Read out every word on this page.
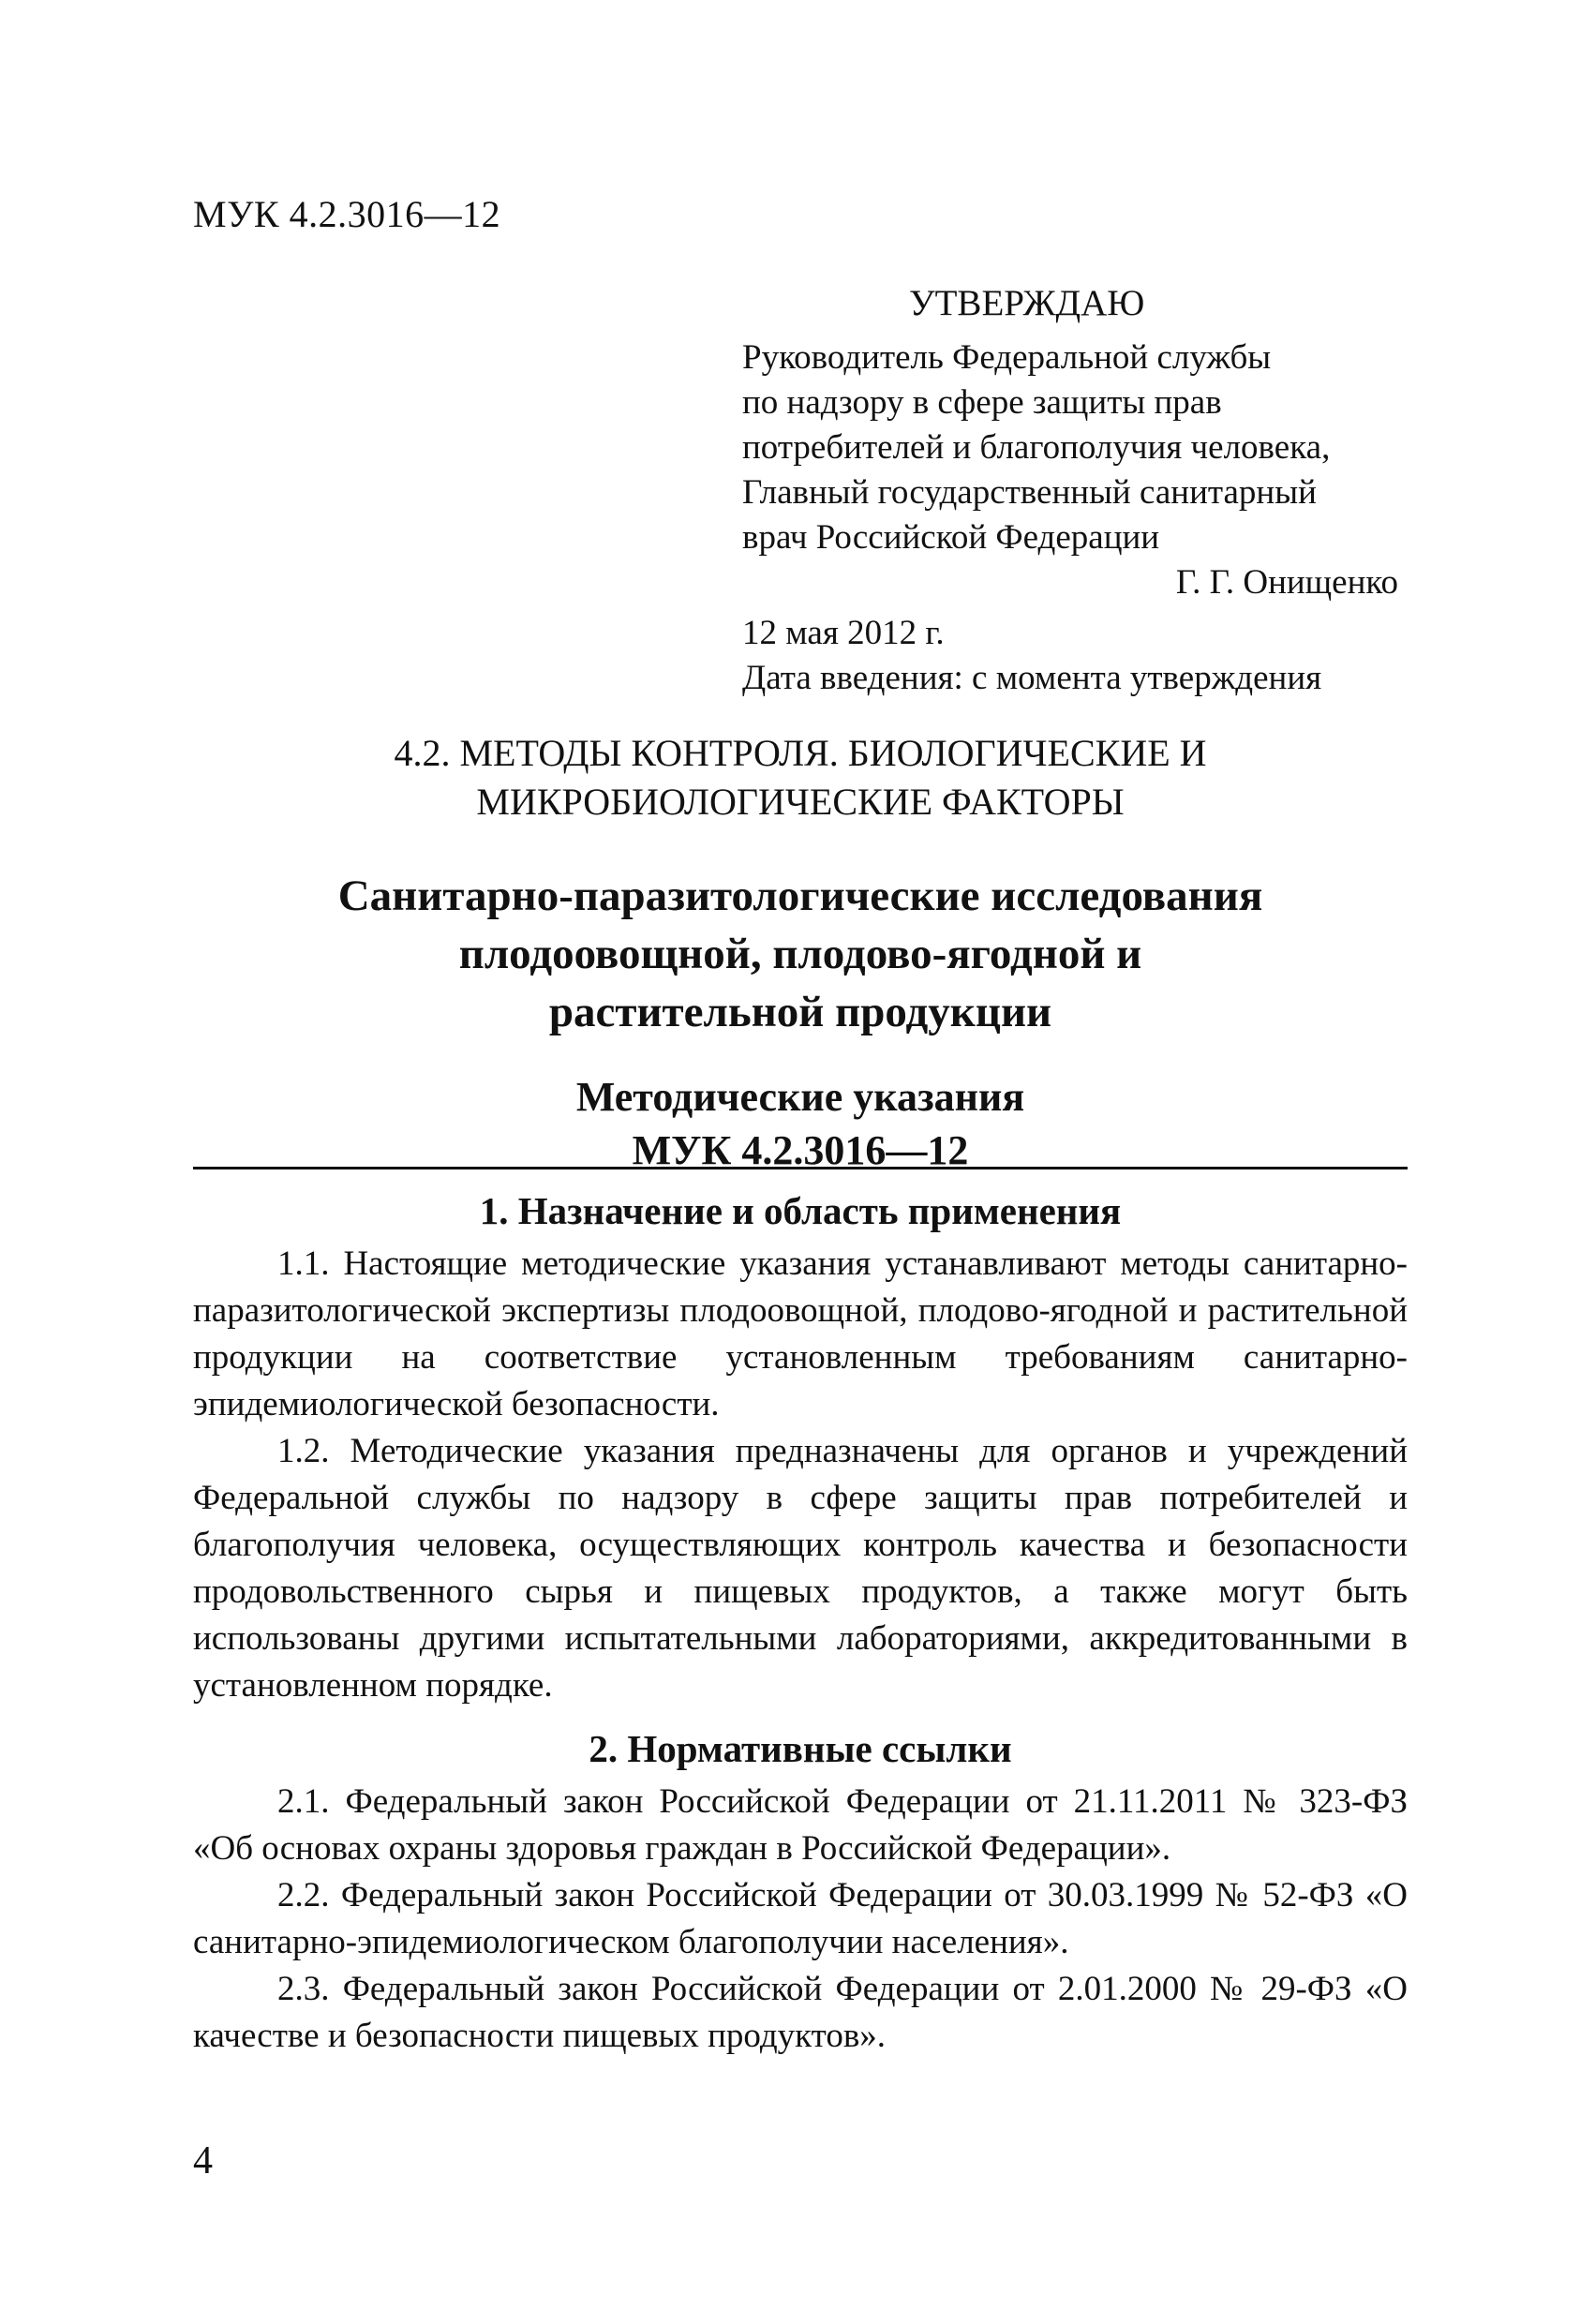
МУК 4.2.3016—12
УТВЕРЖДАЮ
Руководитель Федеральной службы
по надзору в сфере защиты прав
потребителей и благополучия человека,
Главный государственный санитарный
врач Российской Федерации
Г. Г. Онищенко
12 мая 2012 г.
Дата введения: с момента утверждения
4.2. МЕТОДЫ КОНТРОЛЯ. БИОЛОГИЧЕСКИЕ И
МИКРОБИОЛОГИЧЕСКИЕ ФАКТОРЫ
Санитарно-паразитологические исследования
плодоовощной, плодово-ягодной и
растительной продукции
Методические указания
МУК 4.2.3016—12
1. Назначение и область применения

1.1. Настоящие методические указания устанавливают методы санитарно-паразитологической экспертизы плодоовощной, плодово-ягодной и растительной продукции на соответствие установленным требованиям санитарно-эпидемиологической безопасности.

1.2. Методические указания предназначены для органов и учреждений Федеральной службы по надзору в сфере защиты прав потребителей и благополучия человека, осуществляющих контроль качества и безопасности продовольственного сырья и пищевых продуктов, а также могут быть использованы другими испытательными лабораториями, аккредитованными в установленном порядке.

2. Нормативные ссылки

2.1. Федеральный закон Российской Федерации от 21.11.2011 № 323-ФЗ «Об основах охраны здоровья граждан в Российской Федерации».

2.2. Федеральный закон Российской Федерации от 30.03.1999 № 52-ФЗ «О санитарно-эпидемиологическом благополучии населения».

2.3. Федеральный закон Российской Федерации от 2.01.2000 № 29-ФЗ «О качестве и безопасности пищевых продуктов».

4
